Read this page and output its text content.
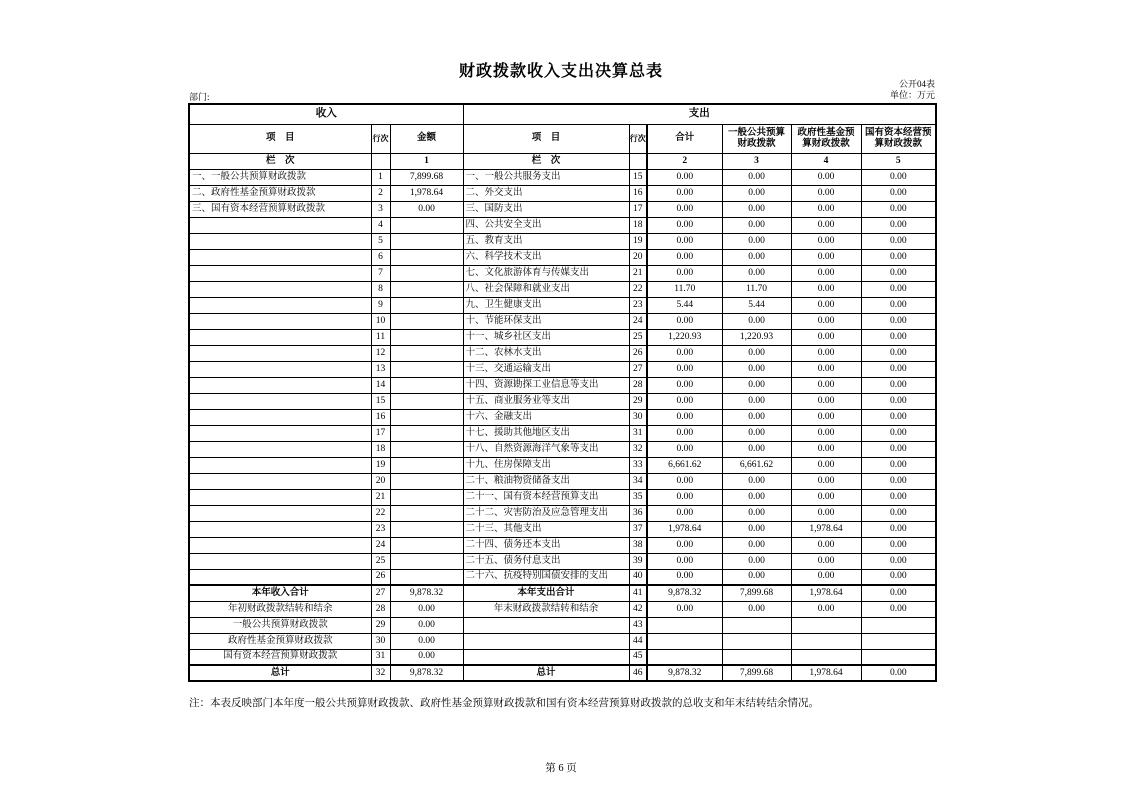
财政拨款收入支出决算总表
公开04表
单位：万元
部门:
收入			支出					
项　目	行次	金额	项　目	行次	合计	一般公共预算财政拨款	政府性基金预算财政拨款	国有资本经营预算财政拨款
栏　次		1	栏　次		2	3	4	5
一、一般公共预算财政拨款	1	7,899.68	一、一般公共服务支出	15	0.00	0.00	0.00	0.00
二、政府性基金预算财政拨款	2	1,978.64	二、外交支出	16	0.00	0.00	0.00	0.00
三、国有资本经营预算财政拨款	3	0.00	三、国防支出	17	0.00	0.00	0.00	0.00
	4		四、公共安全支出	18	0.00	0.00	0.00	0.00
	5		五、教育支出	19	0.00	0.00	0.00	0.00
	6		六、科学技术支出	20	0.00	0.00	0.00	0.00
	7		七、文化旅游体育与传媒支出	21	0.00	0.00	0.00	0.00
	8		八、社会保障和就业支出	22	11.70	11.70	0.00	0.00
	9		九、卫生健康支出	23	5.44	5.44	0.00	0.00
	10		十、节能环保支出	24	0.00	0.00	0.00	0.00
	11		十一、城乡社区支出	25	1,220.93	1,220.93	0.00	0.00
	12		十二、农林水支出	26	0.00	0.00	0.00	0.00
	13		十三、交通运输支出	27	0.00	0.00	0.00	0.00
	14		十四、资源勘探工业信息等支出	28	0.00	0.00	0.00	0.00
	15		十五、商业服务业等支出	29	0.00	0.00	0.00	0.00
	16		十六、金融支出	30	0.00	0.00	0.00	0.00
	17		十七、援助其他地区支出	31	0.00	0.00	0.00	0.00
	18		十八、自然资源海洋气象等支出	32	0.00	0.00	0.00	0.00
	19		十九、住房保障支出	33	6,661.62	6,661.62	0.00	0.00
	20		二十、粮油物资储备支出	34	0.00	0.00	0.00	0.00
	21		二十一、国有资本经营预算支出	35	0.00	0.00	0.00	0.00
	22		二十二、灾害防治及应急管理支出	36	0.00	0.00	0.00	0.00
	23		二十三、其他支出	37	1,978.64	0.00	1,978.64	0.00
	24		二十四、债务还本支出	38	0.00	0.00	0.00	0.00
	25		二十五、债务付息支出	39	0.00	0.00	0.00	0.00
	26		二十六、抗疫特别国债安排的支出	40	0.00	0.00	0.00	0.00
本年收入合计	27	9,878.32	本年支出合计	41	9,878.32	7,899.68	1,978.64	0.00
年初财政拨款结转和结余	28	0.00	年末财政拨款结转和结余	42	0.00	0.00	0.00	0.00
一般公共预算财政拨款	29	0.00		43				
政府性基金预算财政拨款	30	0.00		44				
国有资本经营预算财政拨款	31	0.00		45				
总计	32	9,878.32	总计	46	9,878.32	7,899.68	1,978.64	0.00
注：本表反映部门本年度一般公共预算财政拨款、政府性基金预算财政拨款和国有资本经营预算财政拨款的总收支和年末结转结余情况。
第 6 页
